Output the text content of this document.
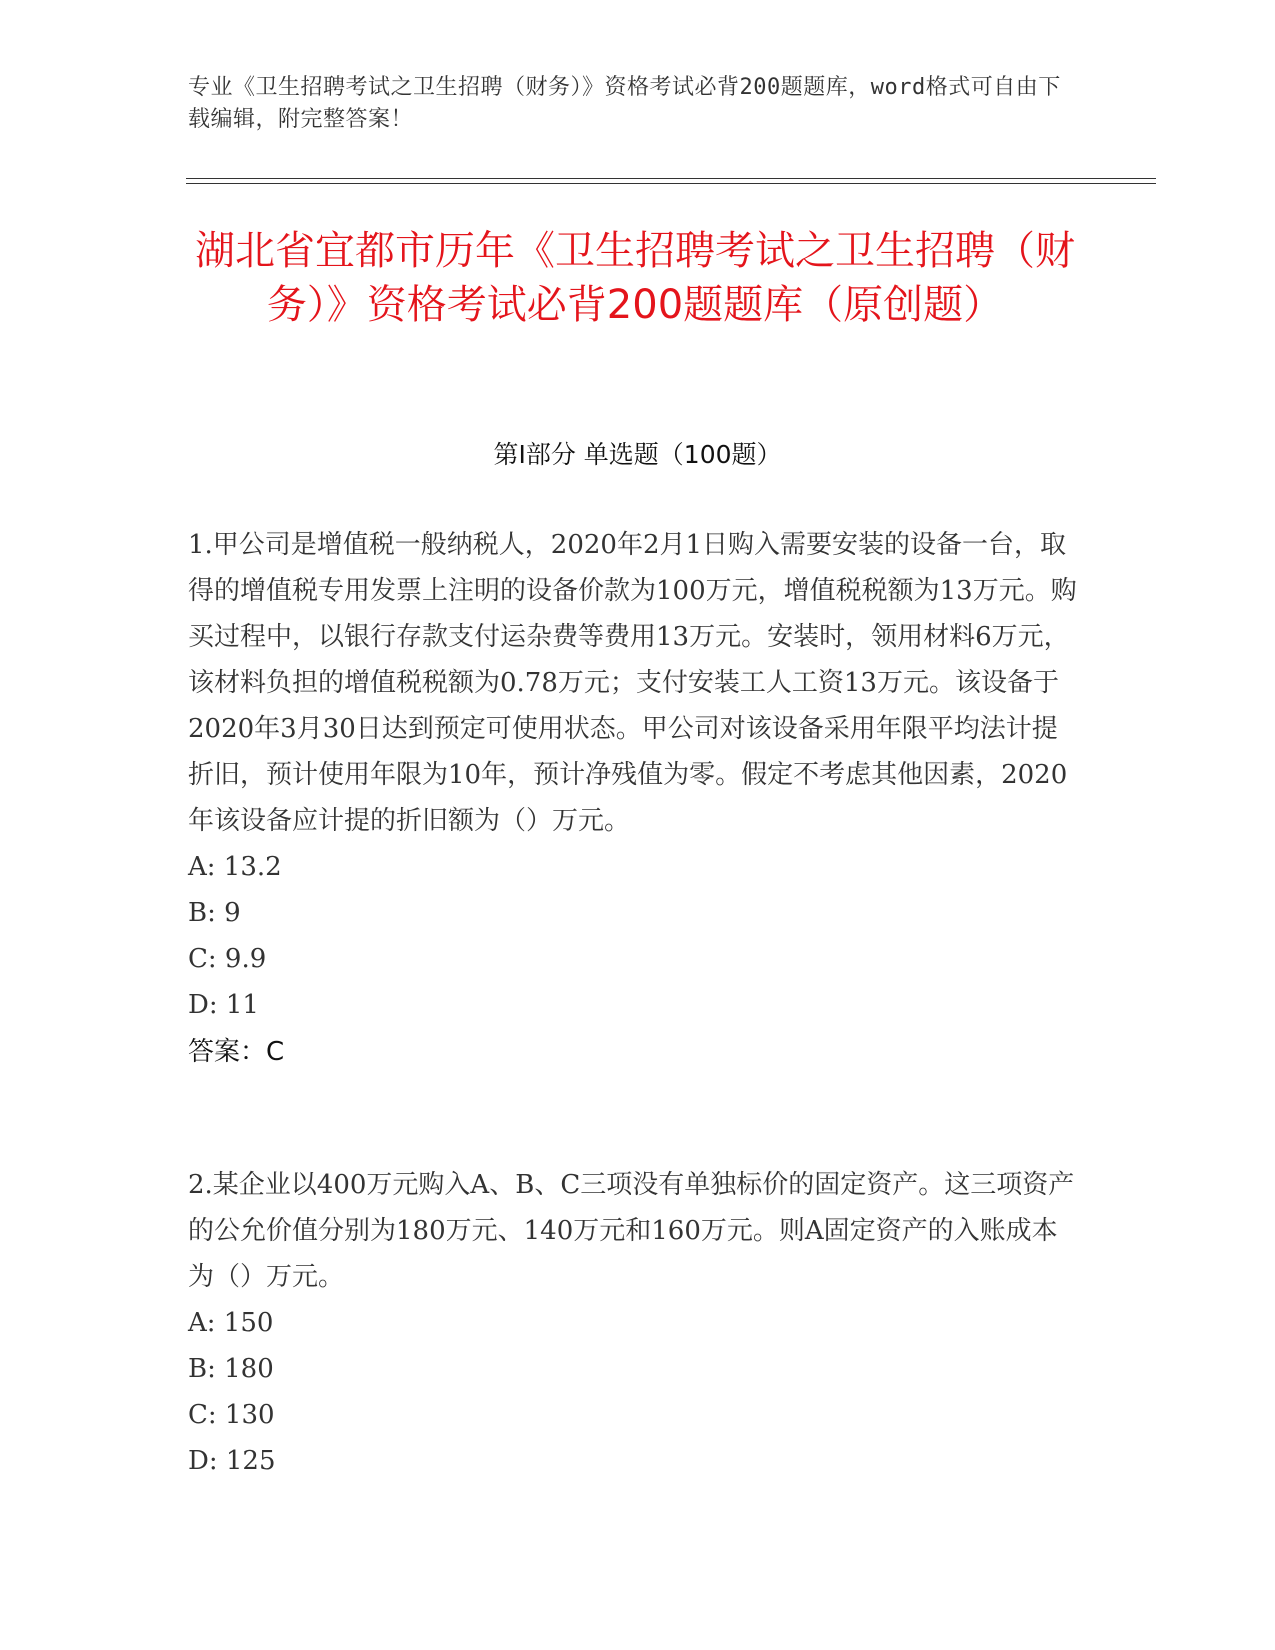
专业《卫生招聘考试之卫生招聘（财务）》资格考试必背200题题库，word格式可自由下载编辑，附完整答案！
湖北省宜都市历年《卫生招聘考试之卫生招聘（财务）》资格考试必背200题题库（原创题）
第I部分 单选题（100题）
1.甲公司是增值税一般纳税人，2020年2月1日购入需要安装的设备一台，取得的增值税专用发票上注明的设备价款为100万元，增值税税额为13万元。购买过程中，以银行存款支付运杂费等费用13万元。安装时，领用材料6万元，该材料负担的增值税税额为0.78万元；支付安装工人工资13万元。该设备于2020年3月30日达到预定可使用状态。甲公司对该设备采用年限平均法计提折旧，预计使用年限为10年，预计净残值为零。假定不考虑其他因素，2020年该设备应计提的折旧额为（）万元。
A: 13.2
B: 9
C: 9.9
D: 11
答案：C
2.某企业以400万元购入A、B、C三项没有单独标价的固定资产。这三项资产的公允价值分别为180万元、140万元和160万元。则A固定资产的入账成本为（）万元。
A: 150
B: 180
C: 130
D: 125
